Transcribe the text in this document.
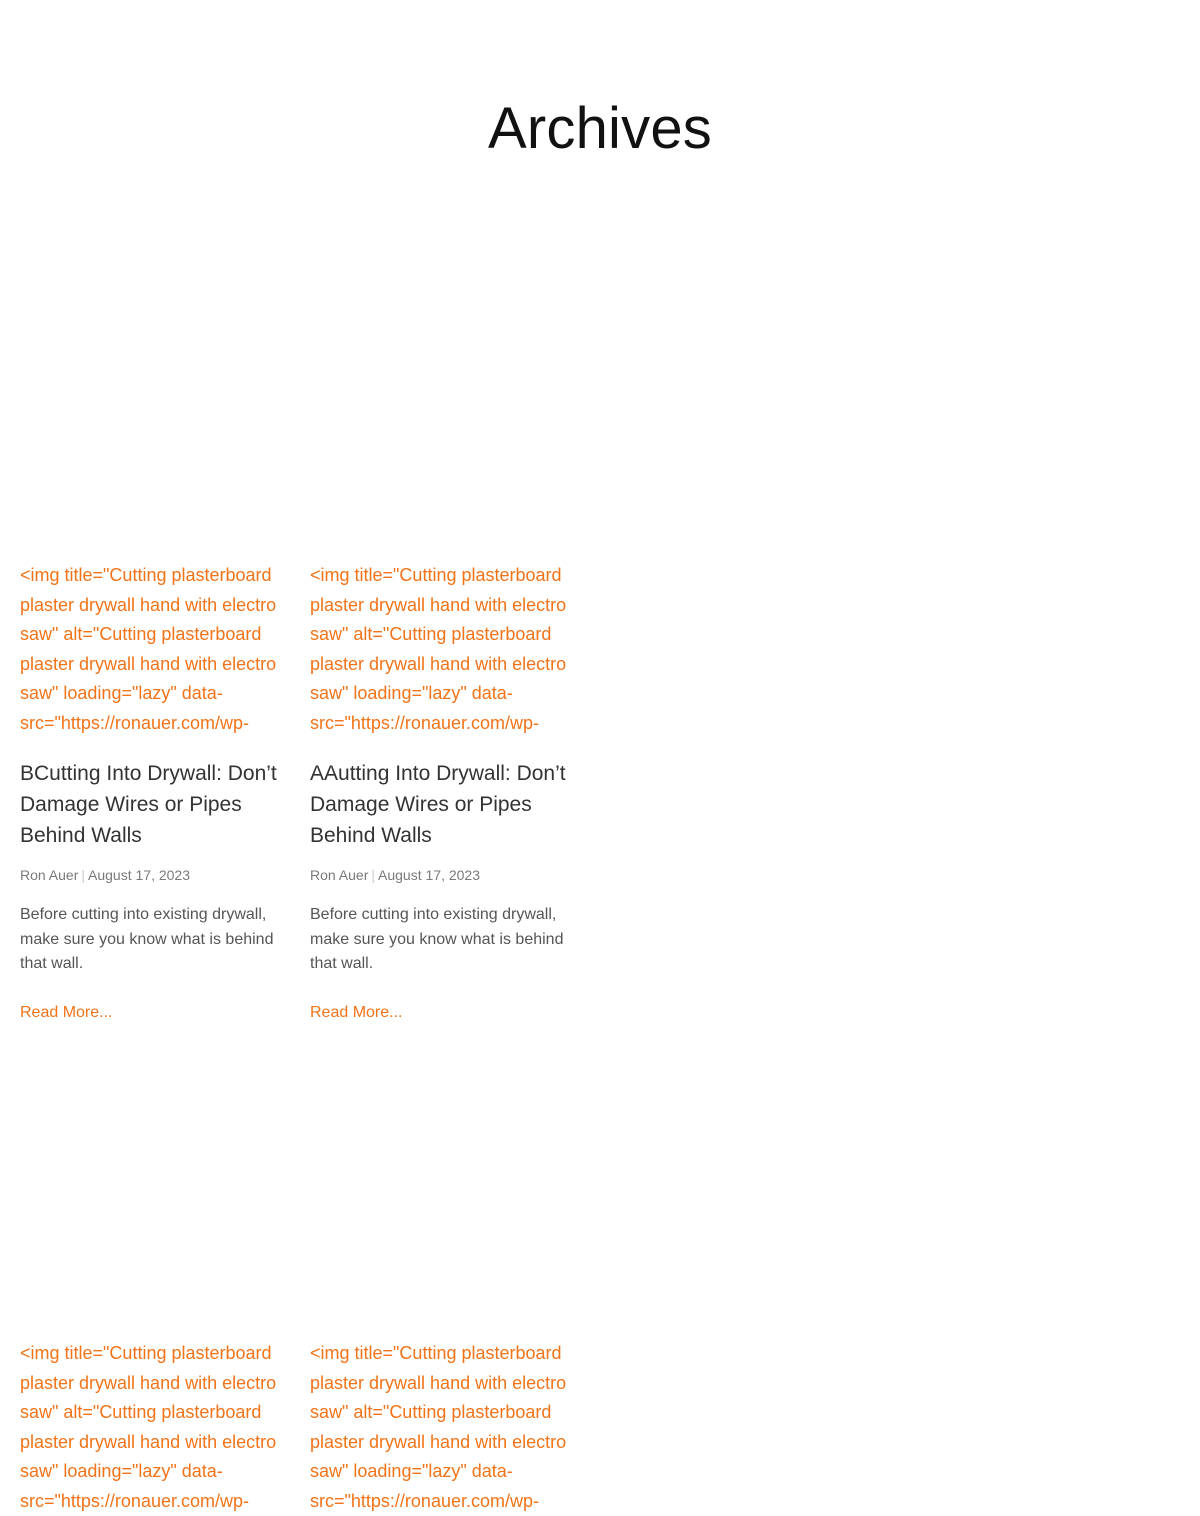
Archives
<img title="Cutting plasterboard plaster drywall hand with electro saw" alt="Cutting plasterboard plaster drywall hand with electro saw" loading="lazy" data-src="https://ronauer.com/wp-
BCutting Into Drywall: Don’t Damage Wires or Pipes Behind Walls
Ron Auer | August 17, 2023
Before cutting into existing drywall, make sure you know what is behind that wall.
Read More...
<img title="Cutting plasterboard plaster drywall hand with electro saw" alt="Cutting plasterboard plaster drywall hand with electro saw" loading="lazy" data-src="https://ronauer.com/wp-
AAutting Into Drywall: Don’t Damage Wires or Pipes Behind Walls
Ron Auer | August 17, 2023
Before cutting into existing drywall, make sure you know what is behind that wall.
Read More...
<img title="Cutting plasterboard plaster drywall hand with electro saw" alt="Cutting plasterboard plaster drywall hand with electro saw" loading="lazy" data-src="https://ronauer.com/wp-
<img title="Cutting plasterboard plaster drywall hand with electro saw" alt="Cutting plasterboard plaster drywall hand with electro saw" loading="lazy" data-src="https://ronauer.com/wp-
